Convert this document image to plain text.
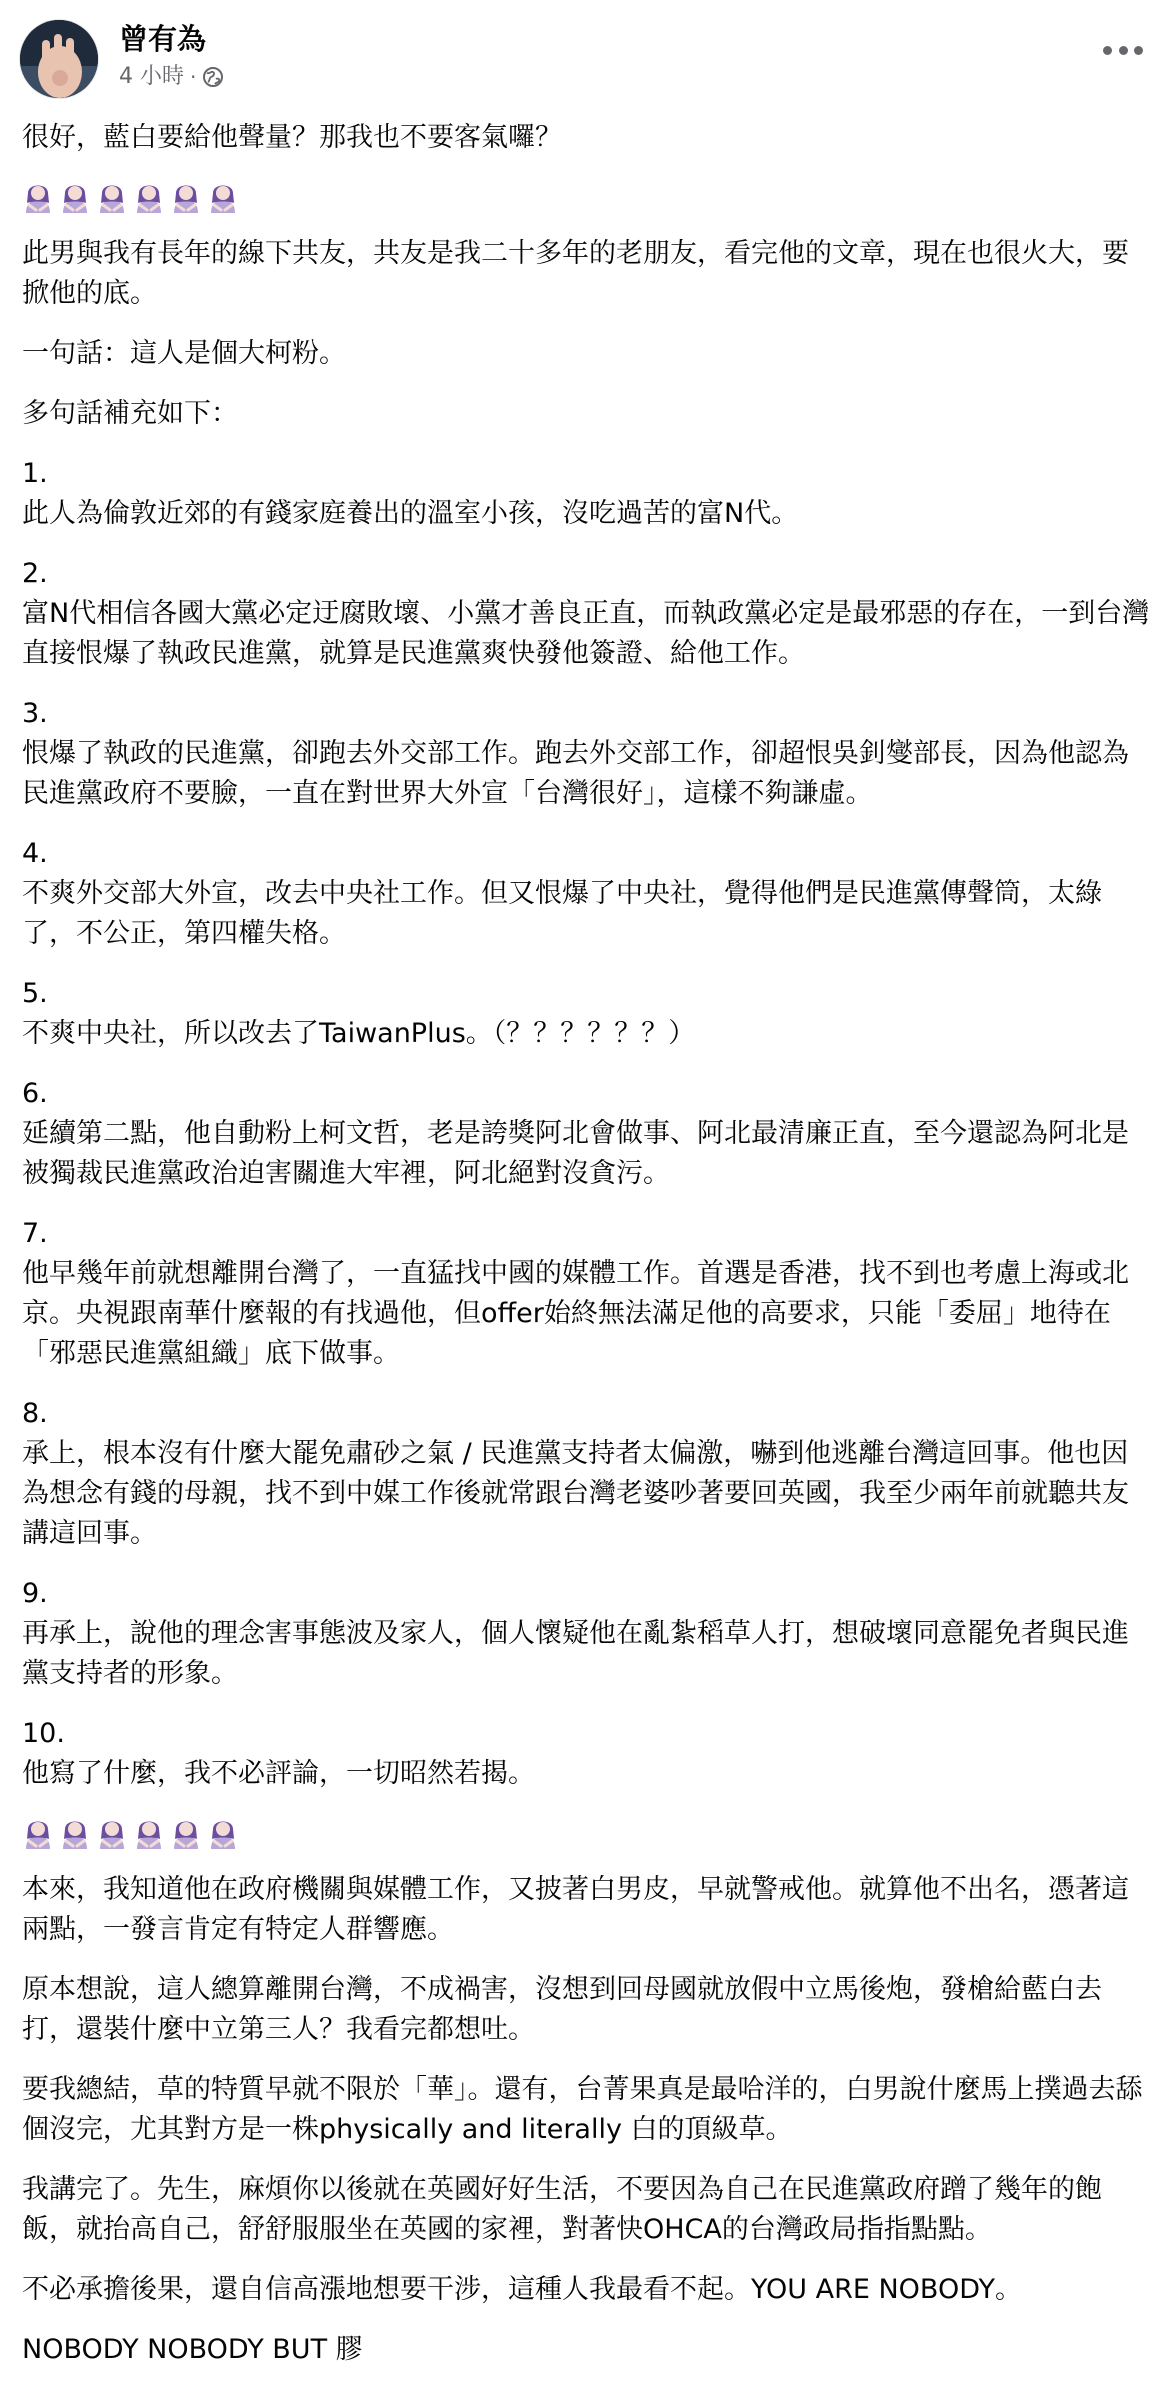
曾有為
4 小時 ·
很好，藍白要給他聲量？那我也不要客氣囉？
此男與我有長年的線下共友，共友是我二十多年的老朋友，看完他的文章，現在也很火大，要掀他的底。
一句話：這人是個大柯粉。
多句話補充如下：
1.
此人為倫敦近郊的有錢家庭養出的溫室小孩，沒吃過苦的富N代。
2.
富N代相信各國大黨必定迂腐敗壞、小黨才善良正直，而執政黨必定是最邪惡的存在，一到台灣直接恨爆了執政民進黨，就算是民進黨爽快發他簽證、給他工作。
3.
恨爆了執政的民進黨，卻跑去外交部工作。跑去外交部工作，卻超恨吳釗燮部長，因為他認為民進黨政府不要臉，一直在對世界大外宣「台灣很好」，這樣不夠謙虛。
4.
不爽外交部大外宣，改去中央社工作。但又恨爆了中央社，覺得他們是民進黨傳聲筒，太綠了，不公正，第四權失格。
5.
不爽中央社，所以改去了TaiwanPlus。（？？？？？？）
6.
延續第二點，他自動粉上柯文哲，老是誇獎阿北會做事、阿北最清廉正直，至今還認為阿北是被獨裁民進黨政治迫害關進大牢裡，阿北絕對沒貪污。
7.
他早幾年前就想離開台灣了，一直猛找中國的媒體工作。首選是香港，找不到也考慮上海或北京。央視跟南華什麼報的有找過他，但offer始終無法滿足他的高要求，只能「委屈」地待在「邪惡民進黨組織」底下做事。
8.
承上，根本沒有什麼大罷免肅砂之氣 / 民進黨支持者太偏激，嚇到他逃離台灣這回事。他也因為想念有錢的母親，找不到中媒工作後就常跟台灣老婆吵著要回英國，我至少兩年前就聽共友講這回事。
9.
再承上，說他的理念害事態波及家人，個人懷疑他在亂紮稻草人打，想破壞同意罷免者與民進黨支持者的形象。
10.
他寫了什麼，我不必評論，一切昭然若揭。
本來，我知道他在政府機關與媒體工作，又披著白男皮，早就警戒他。就算他不出名，憑著這兩點，一發言肯定有特定人群響應。
原本想說，這人總算離開台灣，不成禍害，沒想到回母國就放假中立馬後炮，發槍給藍白去打，還裝什麼中立第三人？我看完都想吐。
要我總結，草的特質早就不限於「華」。還有，台菁果真是最哈洋的，白男說什麼馬上撲過去舔個沒完，尤其對方是一株physically and literally 白的頂級草。
我講完了。先生，麻煩你以後就在英國好好生活，不要因為自己在民進黨政府蹭了幾年的飽飯，就抬高自己，舒舒服服坐在英國的家裡，對著快OHCA的台灣政局指指點點。
不必承擔後果，還自信高漲地想要干涉，這種人我最看不起。YOU ARE NOBODY。
NOBODY NOBODY BUT 膠
